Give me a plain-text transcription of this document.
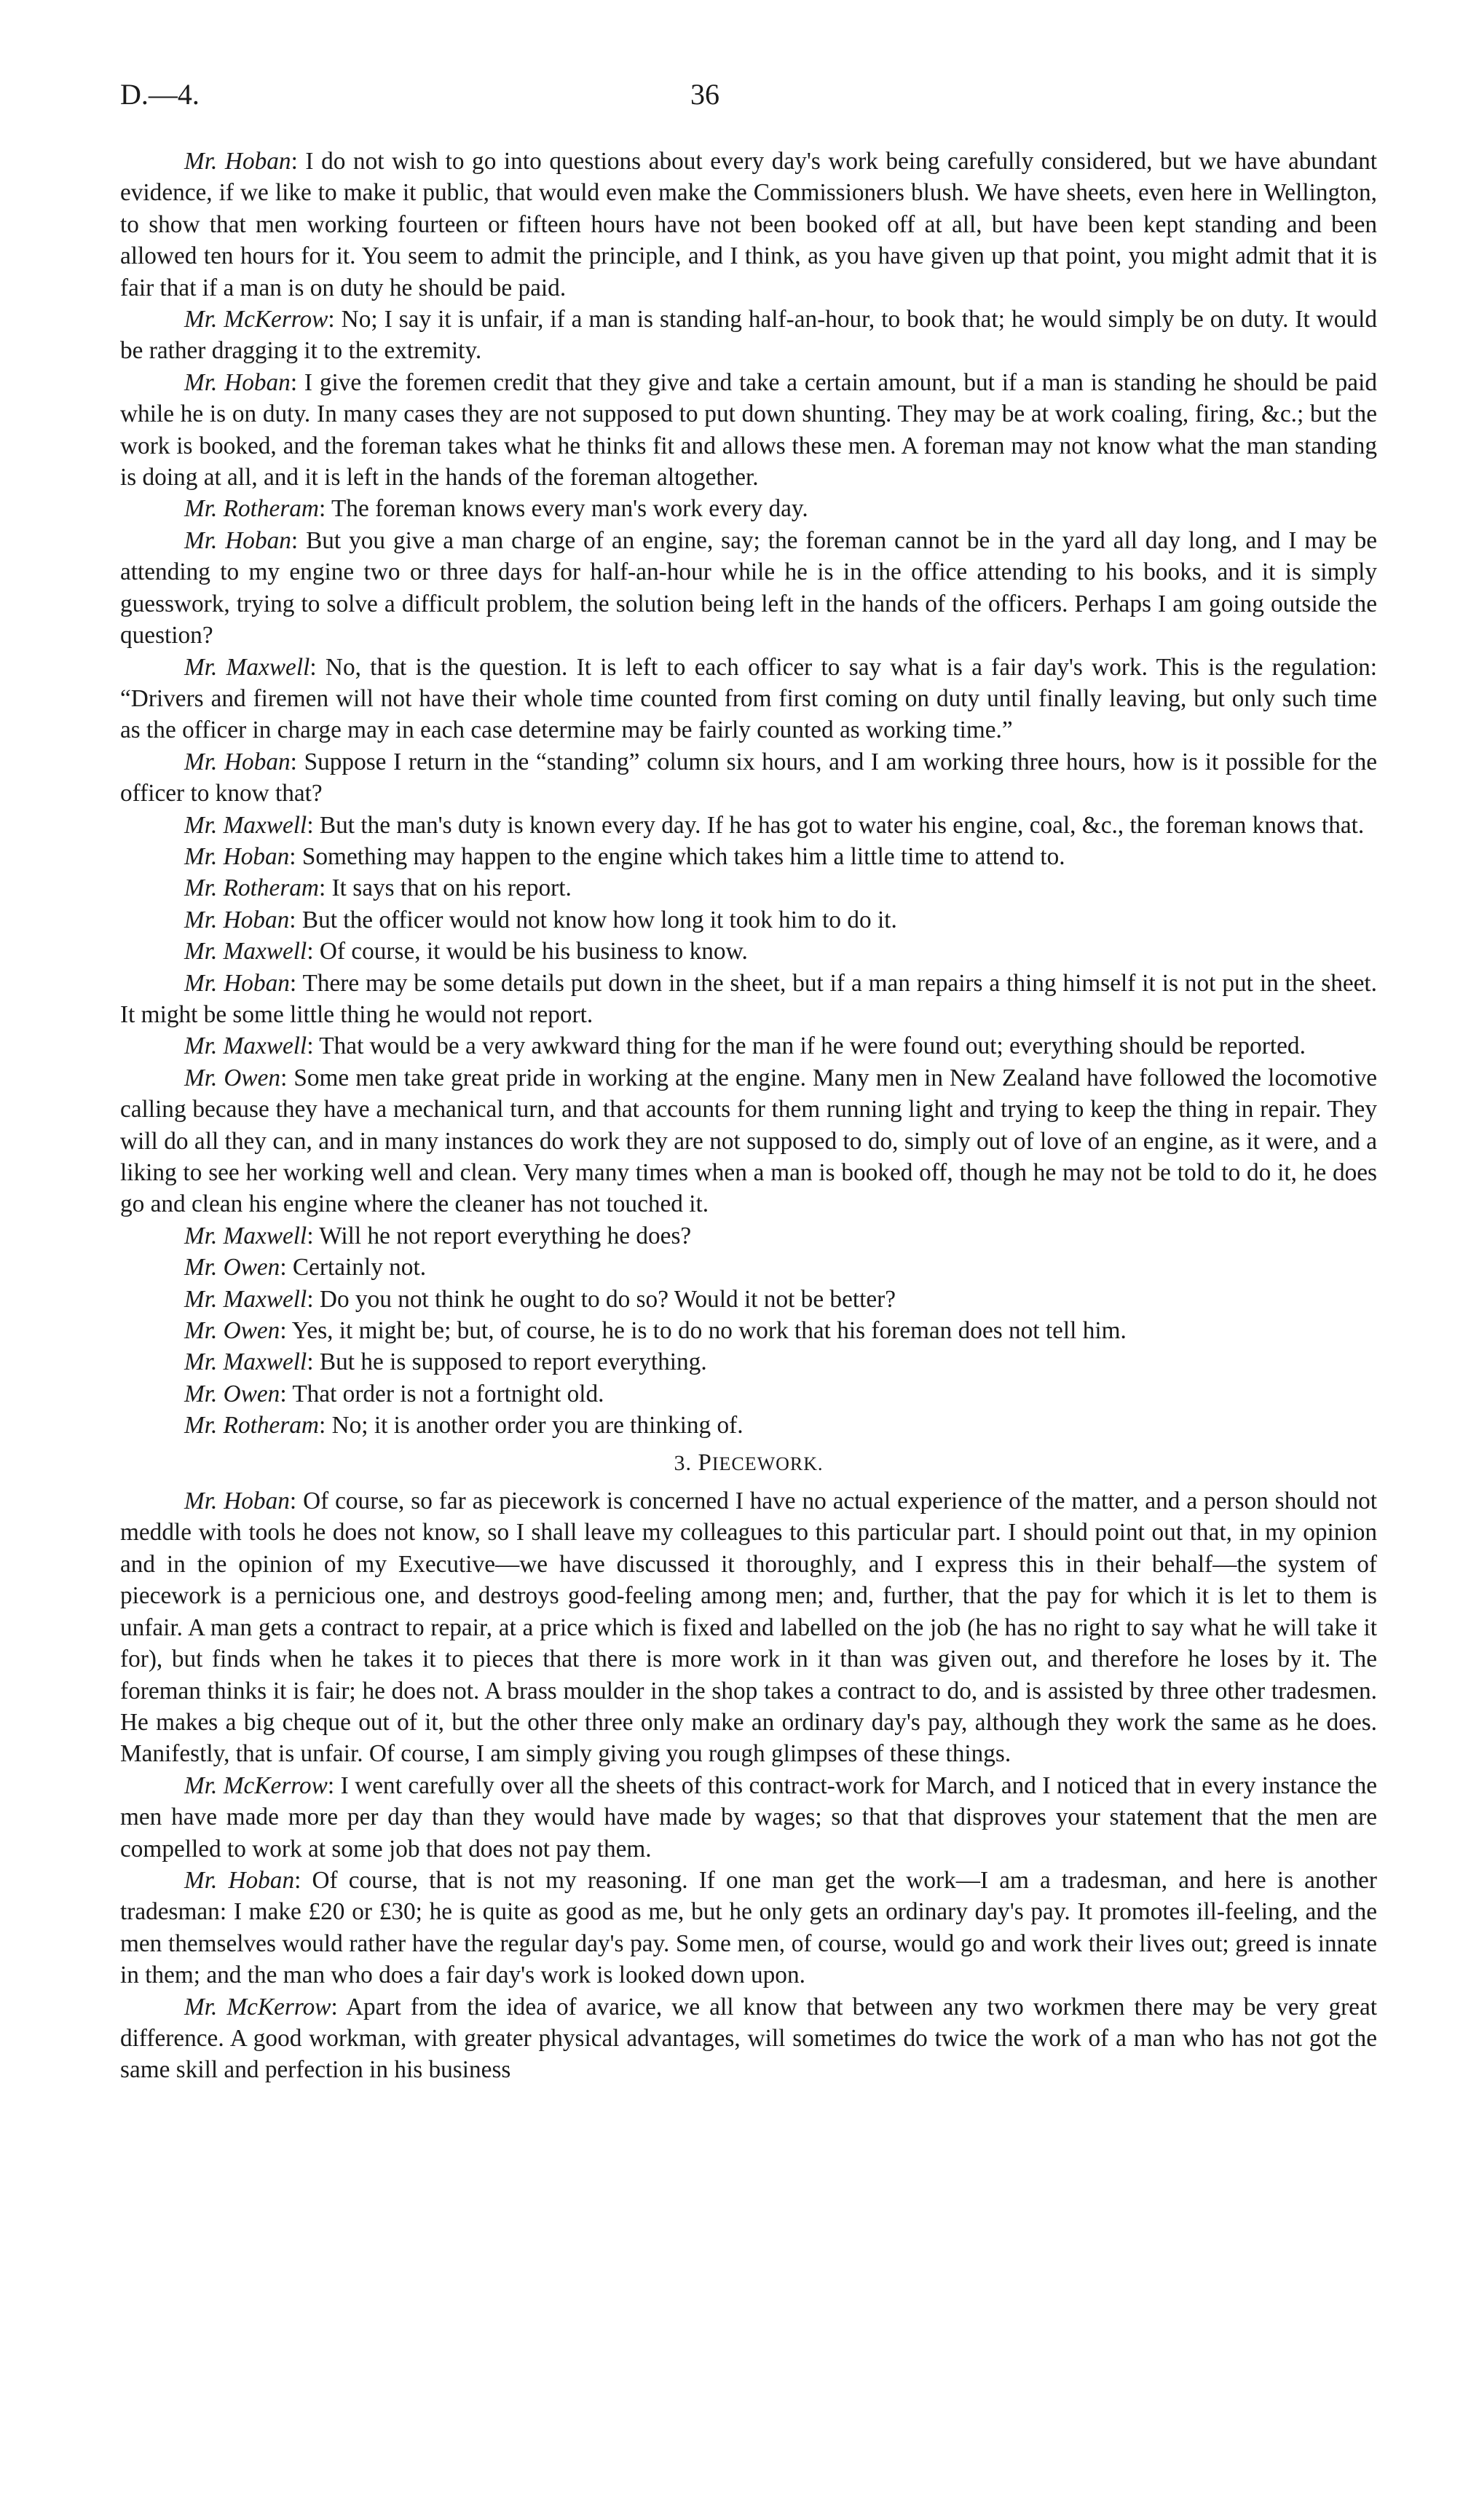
D.—4.	36

Mr. Hoban: I do not wish to go into questions about every day's work being carefully considered, but we have abundant evidence, if we like to make it public, that would even make the Commissioners blush. We have sheets, even here in Wellington, to show that men working fourteen or fifteen hours have not been booked off at all, but have been kept standing and been allowed ten hours for it. You seem to admit the principle, and I think, as you have given up that point, you might admit that it is fair that if a man is on duty he should be paid.

Mr. McKerrow: No; I say it is unfair, if a man is standing half-an-hour, to book that; he would simply be on duty. It would be rather dragging it to the extremity.

Mr. Hoban: I give the foremen credit that they give and take a certain amount, but if a man is standing he should be paid while he is on duty. In many cases they are not supposed to put down shunting. They may be at work coaling, firing, &c.; but the work is booked, and the foreman takes what he thinks fit and allows these men. A foreman may not know what the man standing is doing at all, and it is left in the hands of the foreman altogether.

Mr. Rotheram: The foreman knows every man's work every day.

Mr. Hoban: But you give a man charge of an engine, say; the foreman cannot be in the yard all day long, and I may be attending to my engine two or three days for half-an-hour while he is in the office attending to his books, and it is simply guesswork, trying to solve a difficult problem, the solution being left in the hands of the officers. Perhaps I am going outside the question?

Mr. Maxwell: No, that is the question. It is left to each officer to say what is a fair day's work. This is the regulation: “Drivers and firemen will not have their whole time counted from first coming on duty until finally leaving, but only such time as the officer in charge may in each case determine may be fairly counted as working time.”

Mr. Hoban: Suppose I return in the “standing” column six hours, and I am working three hours, how is it possible for the officer to know that?

Mr. Maxwell: But the man's duty is known every day. If he has got to water his engine, coal, &c., the foreman knows that.

Mr. Hoban: Something may happen to the engine which takes him a little time to attend to.

Mr. Rotheram: It says that on his report.

Mr. Hoban: But the officer would not know how long it took him to do it.

Mr. Maxwell: Of course, it would be his business to know.

Mr. Hoban: There may be some details put down in the sheet, but if a man repairs a thing himself it is not put in the sheet. It might be some little thing he would not report.

Mr. Maxwell: That would be a very awkward thing for the man if he were found out; everything should be reported.

Mr. Owen: Some men take great pride in working at the engine. Many men in New Zealand have followed the locomotive calling because they have a mechanical turn, and that accounts for them running light and trying to keep the thing in repair. They will do all they can, and in many instances do work they are not supposed to do, simply out of love of an engine, as it were, and a liking to see her working well and clean. Very many times when a man is booked off, though he may not be told to do it, he does go and clean his engine where the cleaner has not touched it.

Mr. Maxwell: Will he not report everything he does?

Mr. Owen: Certainly not.

Mr. Maxwell: Do you not think he ought to do so? Would it not be better?

Mr. Owen: Yes, it might be; but, of course, he is to do no work that his foreman does not tell him.

Mr. Maxwell: But he is supposed to report everything.

Mr. Owen: That order is not a fortnight old.

Mr. Rotheram: No; it is another order you are thinking of.

3. PIECEWORK.

Mr. Hoban: Of course, so far as piecework is concerned I have no actual experience of the matter, and a person should not meddle with tools he does not know, so I shall leave my colleagues to this particular part. I should point out that, in my opinion and in the opinion of my Executive—we have discussed it thoroughly, and I express this in their behalf—the system of piecework is a pernicious one, and destroys good-feeling among men; and, further, that the pay for which it is let to them is unfair. A man gets a contract to repair, at a price which is fixed and labelled on the job (he has no right to say what he will take it for), but finds when he takes it to pieces that there is more work in it than was given out, and therefore he loses by it. The foreman thinks it is fair; he does not. A brass moulder in the shop takes a contract to do, and is assisted by three other tradesmen. He makes a big cheque out of it, but the other three only make an ordinary day's pay, although they work the same as he does. Manifestly, that is unfair. Of course, I am simply giving you rough glimpses of these things.

Mr. McKerrow: I went carefully over all the sheets of this contract-work for March, and I noticed that in every instance the men have made more per day than they would have made by wages; so that that disproves your statement that the men are compelled to work at some job that does not pay them.

Mr. Hoban: Of course, that is not my reasoning. If one man get the work—I am a tradesman, and here is another tradesman: I make £20 or £30; he is quite as good as me, but he only gets an ordinary day's pay. It promotes ill-feeling, and the men themselves would rather have the regular day's pay. Some men, of course, would go and work their lives out; greed is innate in them; and the man who does a fair day's work is looked down upon.

Mr. McKerrow: Apart from the idea of avarice, we all know that between any two workmen there may be very great difference. A good workman, with greater physical advantages, will sometimes do twice the work of a man who has not got the same skill and perfection in his business
